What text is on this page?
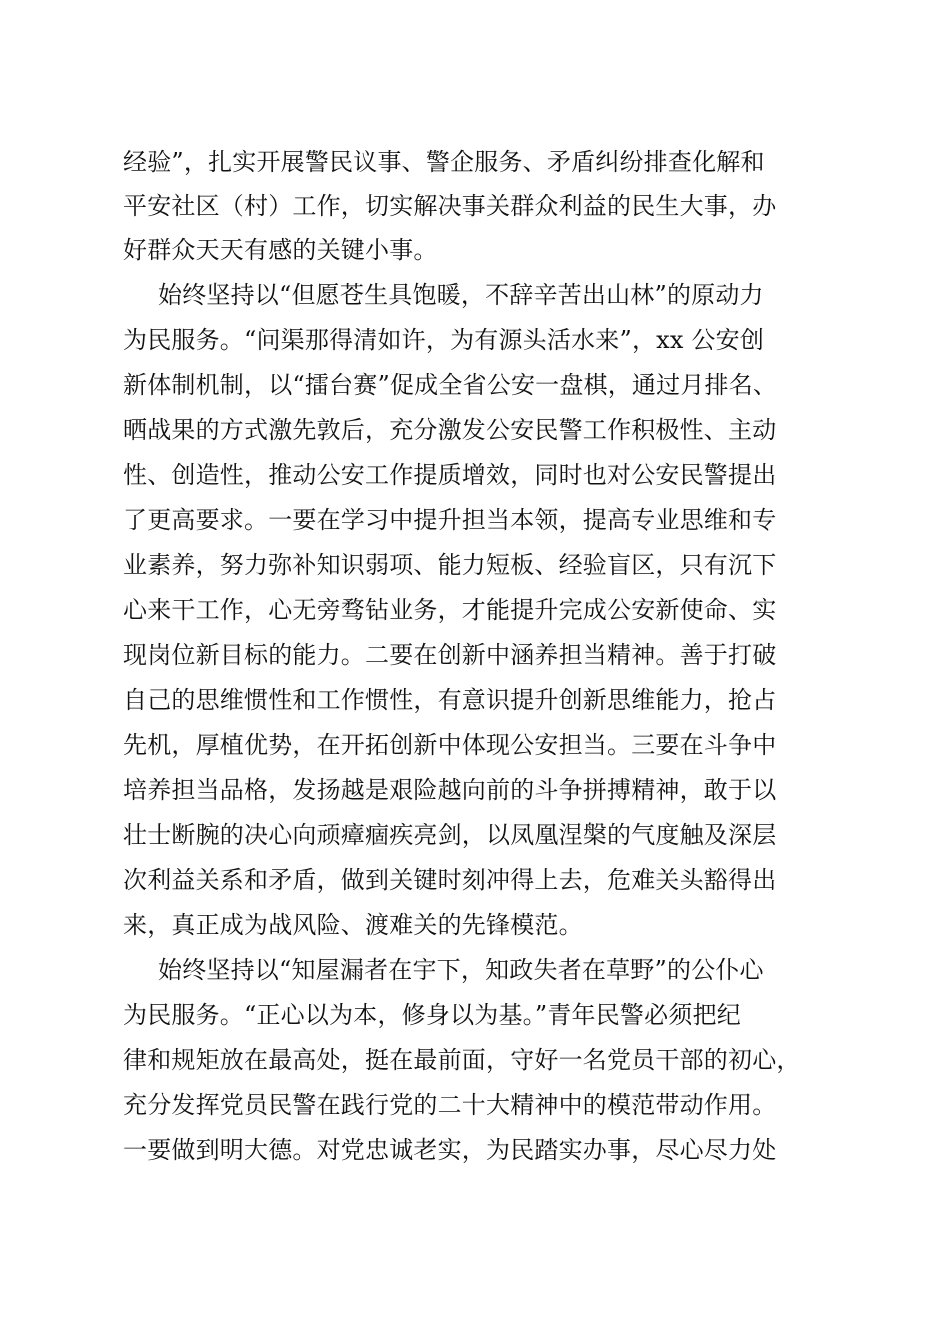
经验”，扎实开展警民议事、警企服务、矛盾纠纷排查化解和
平安社区（村）工作，切实解决事关群众利益的民生大事，办
好群众天天有感的关键小事。
始终坚持以“但愿苍生具饱暖，不辞辛苦出山林”的原动力
为民服务。“问渠那得清如许，为有源头活水来”，xx 公安创
新体制机制，以“擂台赛”促成全省公安一盘棋，通过月排名、
晒战果的方式激先敦后，充分激发公安民警工作积极性、主动
性、创造性，推动公安工作提质增效，同时也对公安民警提出
了更高要求。一要在学习中提升担当本领，提高专业思维和专
业素养，努力弥补知识弱项、能力短板、经验盲区，只有沉下
心来干工作，心无旁骛钻业务，才能提升完成公安新使命、实
现岗位新目标的能力。二要在创新中涵养担当精神。善于打破
自己的思维惯性和工作惯性，有意识提升创新思维能力，抢占
先机，厚植优势，在开拓创新中体现公安担当。三要在斗争中
培养担当品格，发扬越是艰险越向前的斗争拼搏精神，敢于以
壮士断腕的决心向顽瘴痼疾亮剑，以凤凰涅槃的气度触及深层
次利益关系和矛盾，做到关键时刻冲得上去，危难关头豁得出
来，真正成为战风险、渡难关的先锋模范。
始终坚持以“知屋漏者在宇下，知政失者在草野”的公仆心
为民服务。“正心以为本，修身以为基。”青年民警必须把纪
律和规矩放在最高处，挺在最前面，守好一名党员干部的初心，
充分发挥党员民警在践行党的二十大精神中的模范带动作用。
一要做到明大德。对党忠诚老实，为民踏实办事，尽心尽力处
